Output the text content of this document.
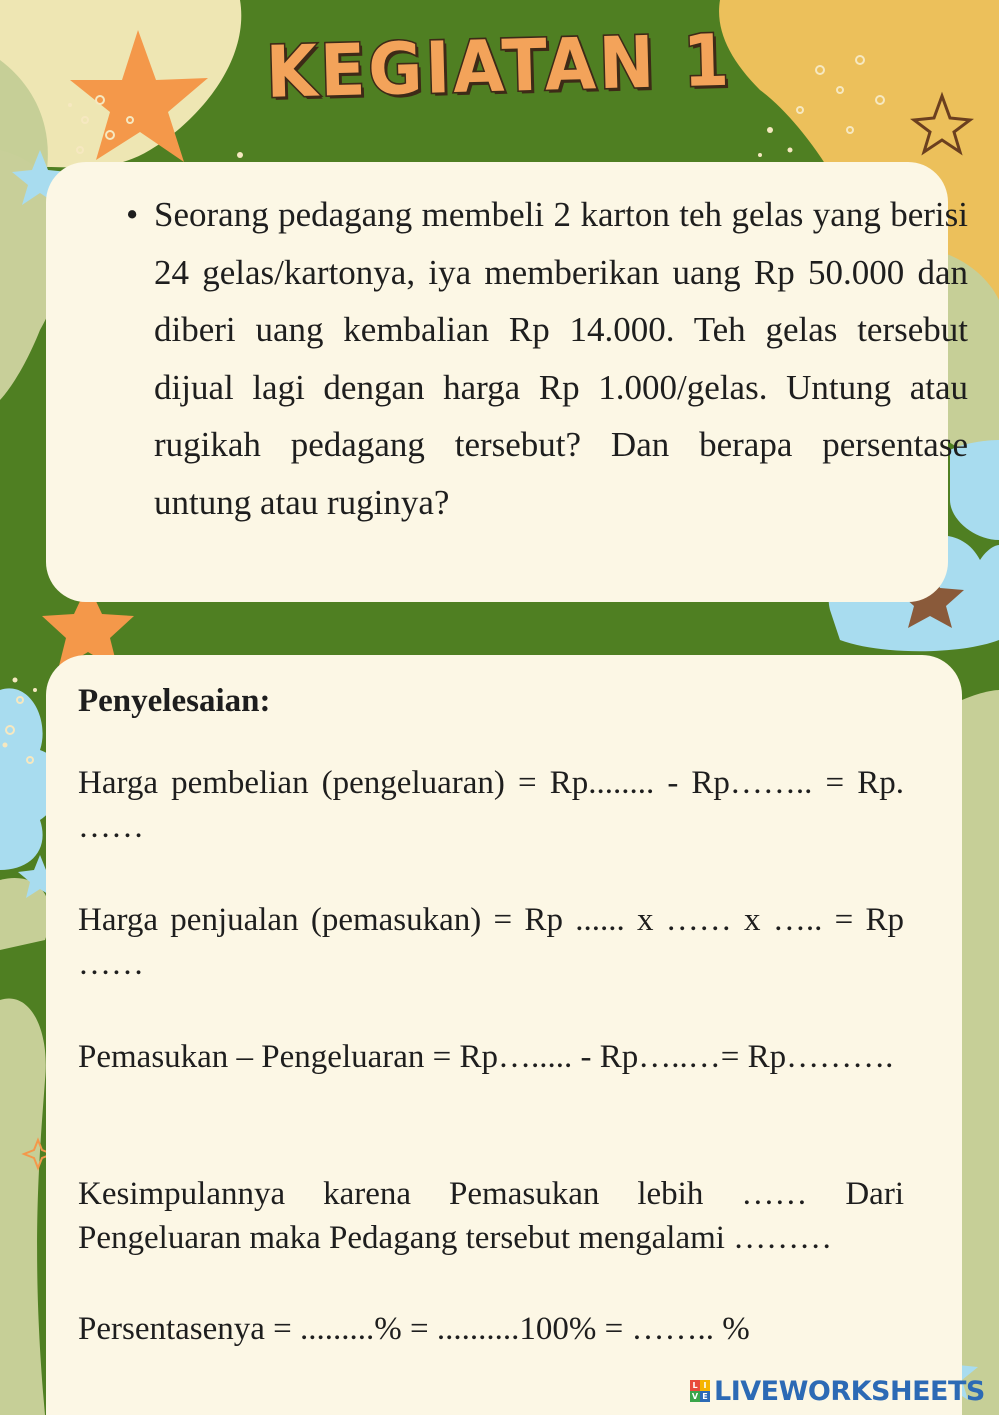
KEGIATAN 1
• Seorang pedagang membeli 2 karton teh gelas yang berisi 24 gelas/kartonya, iya memberikan uang Rp 50.000 dan diberi uang kembalian Rp 14.000. Teh gelas tersebut dijual lagi dengan harga Rp 1.000/gelas. Untung atau rugikah pedagang tersebut? Dan berapa persentase untung atau ruginya?

Penyelesaian:

Harga pembelian (pengeluaran) = Rp........ - Rp…….. = Rp. ……

Harga penjualan (pemasukan) = Rp ...... x …… x ….. = Rp ……

Pemasukan – Pengeluaran = Rp…..... - Rp…..…= Rp……….

Kesimpulannya karena Pemasukan lebih …… Dari Pengeluaran maka Pedagang tersebut mengalami ………

Persentasenya = .........% = ..........100% = …….. %

L I
V E LIVEWORKSHEETS
